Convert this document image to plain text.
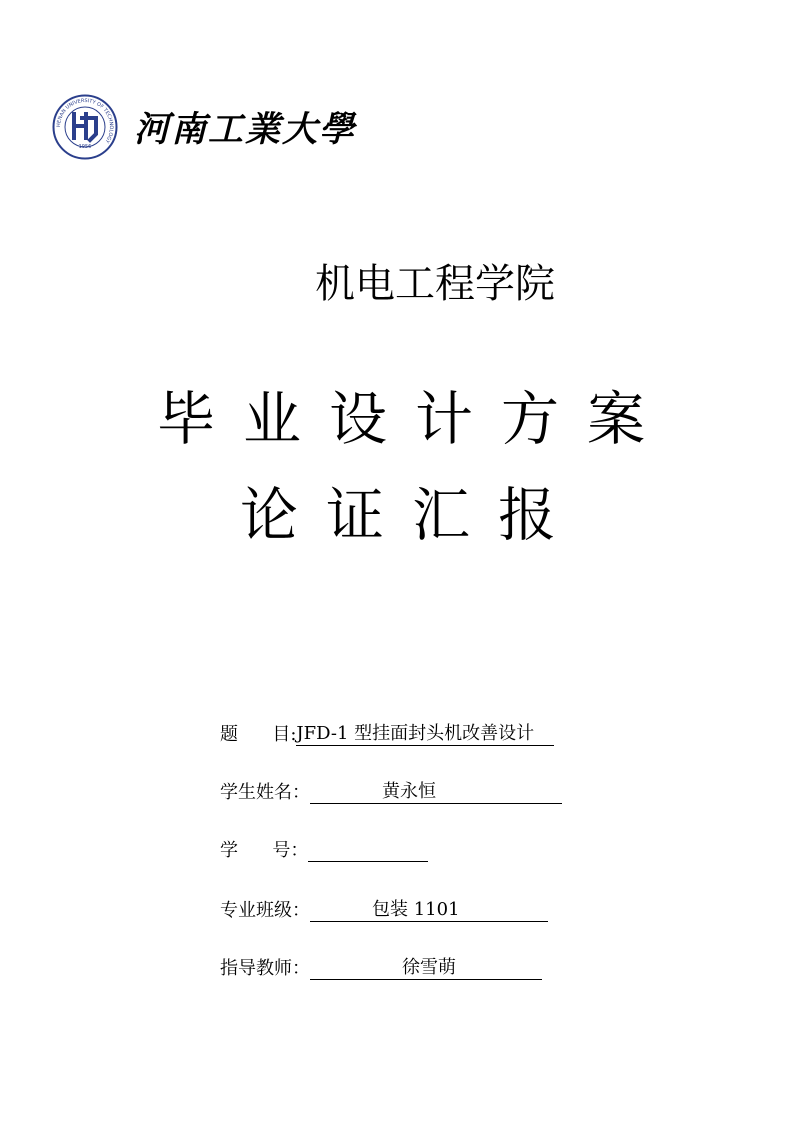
HENAN UNIVERSITY OF TECHNOLOGY
1956 河南工業大學
机电工程学院
毕业设计方案
论证汇报
题      目: JFD-1 型挂面封头机改善设计
学生姓名：	黄永恒
学      号：
专业班级：	包装 1101
指导教师：	徐雪萌
